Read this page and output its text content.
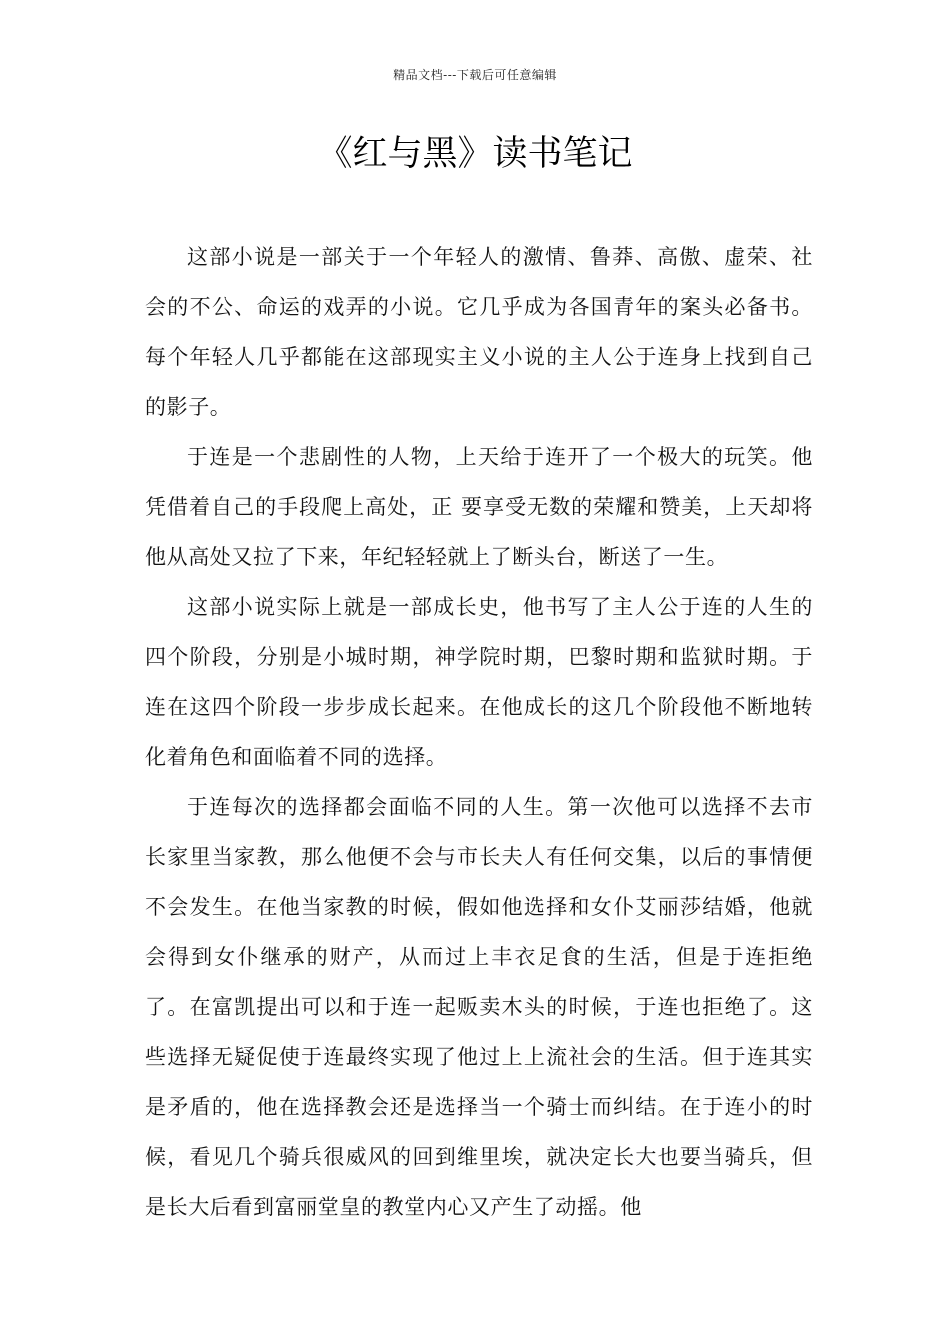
精品文档---下载后可任意编辑
《红与黑》读书笔记

这部小说是一部关于一个年轻人的激情、鲁莽、高傲、虚荣、社会的不公、命运的戏弄的小说。它几乎成为各国青年的案头必备书。每个年轻人几乎都能在这部现实主义小说的主人公于连身上找到自己的影子。

于连是一个悲剧性的人物，上天给于连开了一个极大的玩笑。他凭借着自己的手段爬上高处，正 要享受无数的荣耀和赞美，上天却将他从高处又拉了下来，年纪轻轻就上了断头台，断送了一生。

这部小说实际上就是一部成长史，他书写了主人公于连的人生的四个阶段，分别是小城时期，神学院时期，巴黎时期和监狱时期。于连在这四个阶段一步步成长起来。在他成长的这几个阶段他不断地转化着角色和面临着不同的选择。

于连每次的选择都会面临不同的人生。第一次他可以选择不去市长家里当家教，那么他便不会与市长夫人有任何交集，以后的事情便不会发生。在他当家教的时候，假如他选择和女仆艾丽莎结婚，他就会得到女仆继承的财产，从而过上丰衣足食的生活，但是于连拒绝了。在富凯提出可以和于连一起贩卖木头的时候，于连也拒绝了。这些选择无疑促使于连最终实现了他过上上流社会的生活。但于连其实是矛盾的，他在选择教会还是选择当一个骑士而纠结。在于连小的时候，看见几个骑兵很威风的回到维里埃，就决定长大也要当骑兵，但是长大后看到富丽堂皇的教堂内心又产生了动摇。他
